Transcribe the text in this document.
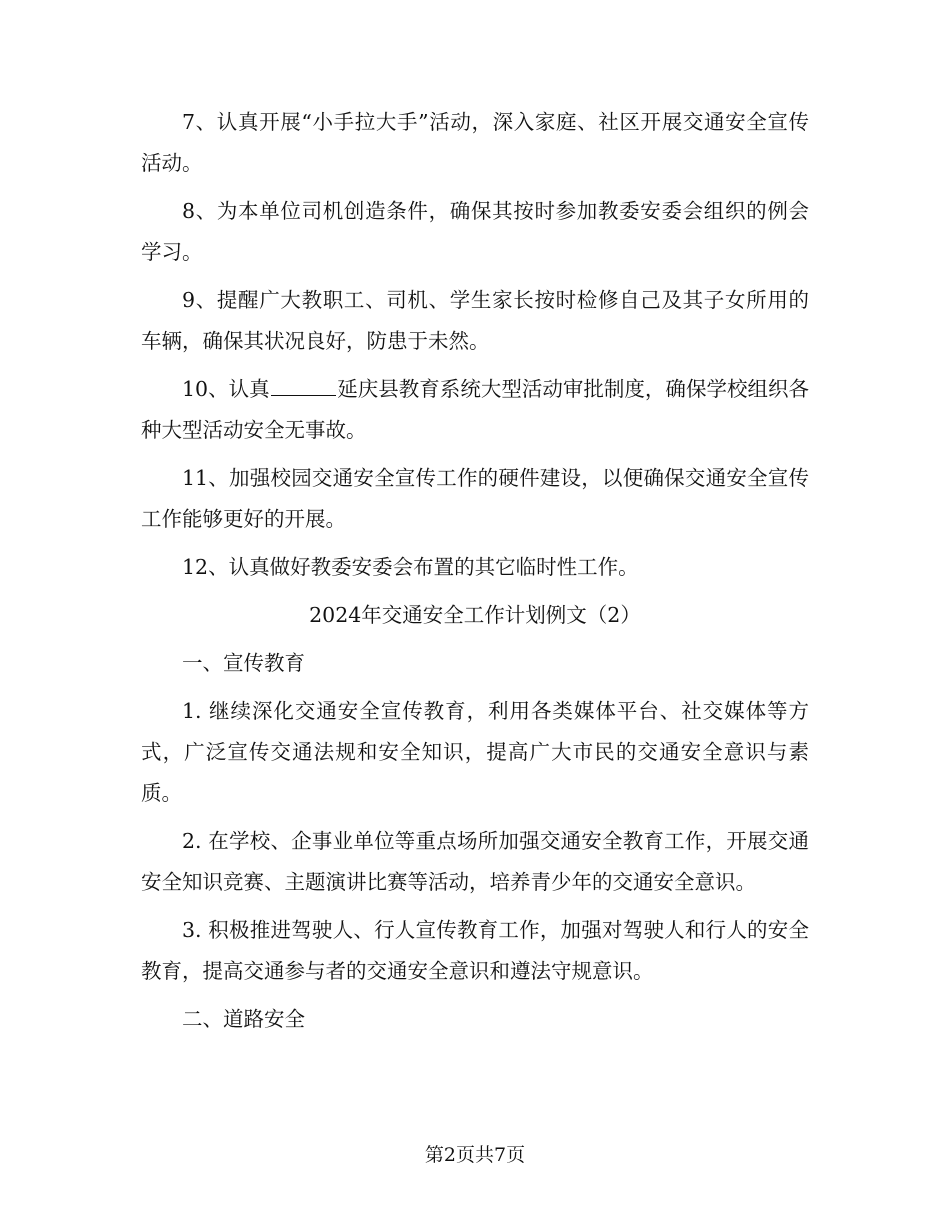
7、认真开展“小手拉大手”活动，深入家庭、社区开展交通安全宣传活动。

8、为本单位司机创造条件，确保其按时参加教委安委会组织的例会学习。

9、提醒广大教职工、司机、学生家长按时检修自己及其子女所用的车辆，确保其状况良好，防患于未然。

10、认真	延庆县教育系统大型活动审批制度，确保学校组织各种大型活动安全无事故。

11、加强校园交通安全宣传工作的硬件建设，以便确保交通安全宣传工作能够更好的开展。

12、认真做好教委安委会布置的其它临时性工作。

2024年交通安全工作计划例文（2）

一、宣传教育

1. 继续深化交通安全宣传教育，利用各类媒体平台、社交媒体等方式，广泛宣传交通法规和安全知识，提高广大市民的交通安全意识与素质。

2. 在学校、企事业单位等重点场所加强交通安全教育工作，开展交通安全知识竞赛、主题演讲比赛等活动，培养青少年的交通安全意识。

3. 积极推进驾驶人、行人宣传教育工作，加强对驾驶人和行人的安全教育，提高交通参与者的交通安全意识和遵法守规意识。

二、道路安全

第2页共7页
